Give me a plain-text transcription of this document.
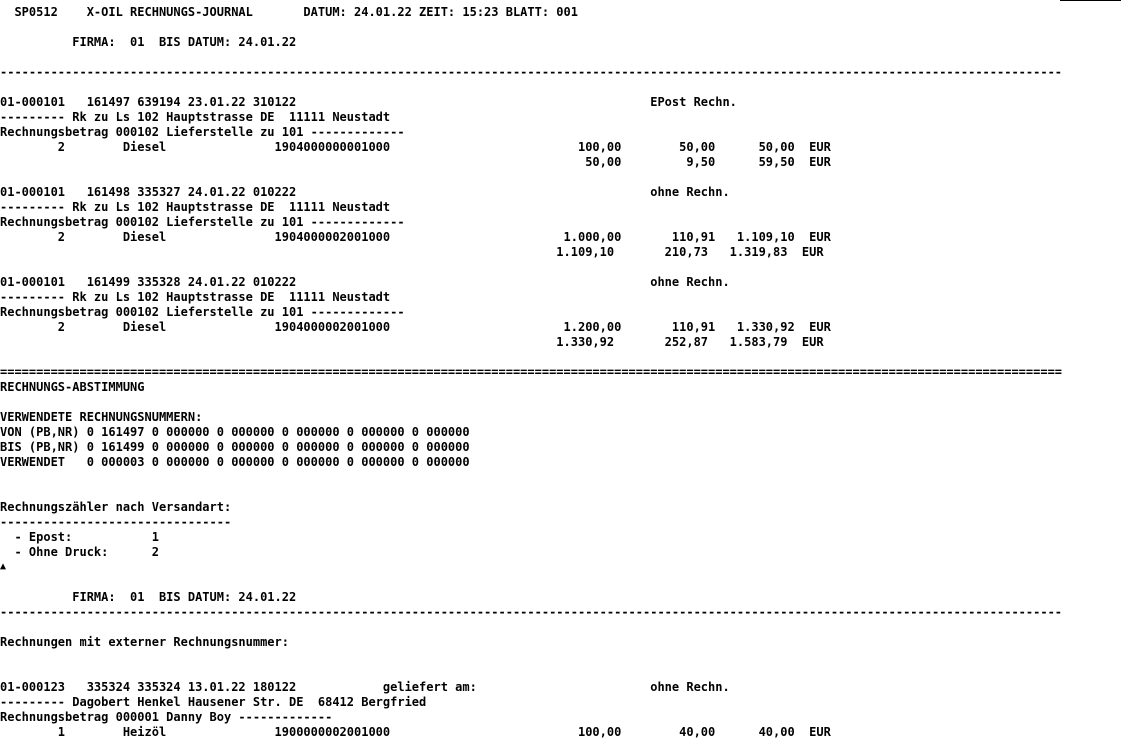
SP0512    X-OIL RECHNUNGS-JOURNAL       DATUM: 24.01.22 ZEIT: 15:23 BLATT: 001
FIRMA:  01  BIS DATUM: 24.01.22
---------------------------------------------------------------------------------------------------------------------------------------------------
01-000101   161497 639194 23.01.22 310122                                                 EPost Rechn.
--------- Rk zu Ls 102 Hauptstrasse DE  11111 Neustadt
Rechnungsbetrag 000102 Lieferstelle zu 101 -------------
2        Diesel               1904000000001000                          100,00        50,00      50,00  EUR
50,00         9,50      59,50  EUR
01-000101   161498 335327 24.01.22 010222                                                 ohne Rechn.
--------- Rk zu Ls 102 Hauptstrasse DE  11111 Neustadt
Rechnungsbetrag 000102 Lieferstelle zu 101 -------------
2        Diesel               1904000002001000                        1.000,00       110,91   1.109,10  EUR
1.109,10       210,73   1.319,83  EUR
01-000101   161499 335328 24.01.22 010222                                                 ohne Rechn.
--------- Rk zu Ls 102 Hauptstrasse DE  11111 Neustadt
Rechnungsbetrag 000102 Lieferstelle zu 101 -------------
2        Diesel               1904000002001000                        1.200,00       110,91   1.330,92  EUR
1.330,92       252,87   1.583,79  EUR
===================================================================================================================================================
RECHNUNGS-ABSTIMMUNG
VERWENDETE RECHNUNGSNUMMERN:
VON (PB,NR) 0 161497 0 000000 0 000000 0 000000 0 000000 0 000000
BIS (PB,NR) 0 161499 0 000000 0 000000 0 000000 0 000000 0 000000
VERWENDET   0 000003 0 000000 0 000000 0 000000 0 000000 0 000000
Rechnungszähler nach Versandart:
--------------------------------
- Epost:           1
- Ohne Druck:      2

▲

FIRMA:  01  BIS DATUM: 24.01.22
---------------------------------------------------------------------------------------------------------------------------------------------------
Rechnungen mit externer Rechnungsnummer:
01-000123   335324 335324 13.01.22 180122            geliefert am:                        ohne Rechn.
--------- Dagobert Henkel Hausener Str. DE  68412 Bergfried
Rechnungsbetrag 000001 Danny Boy -------------
1        Heizöl               1900000002001000                          100,00        40,00      40,00  EUR
